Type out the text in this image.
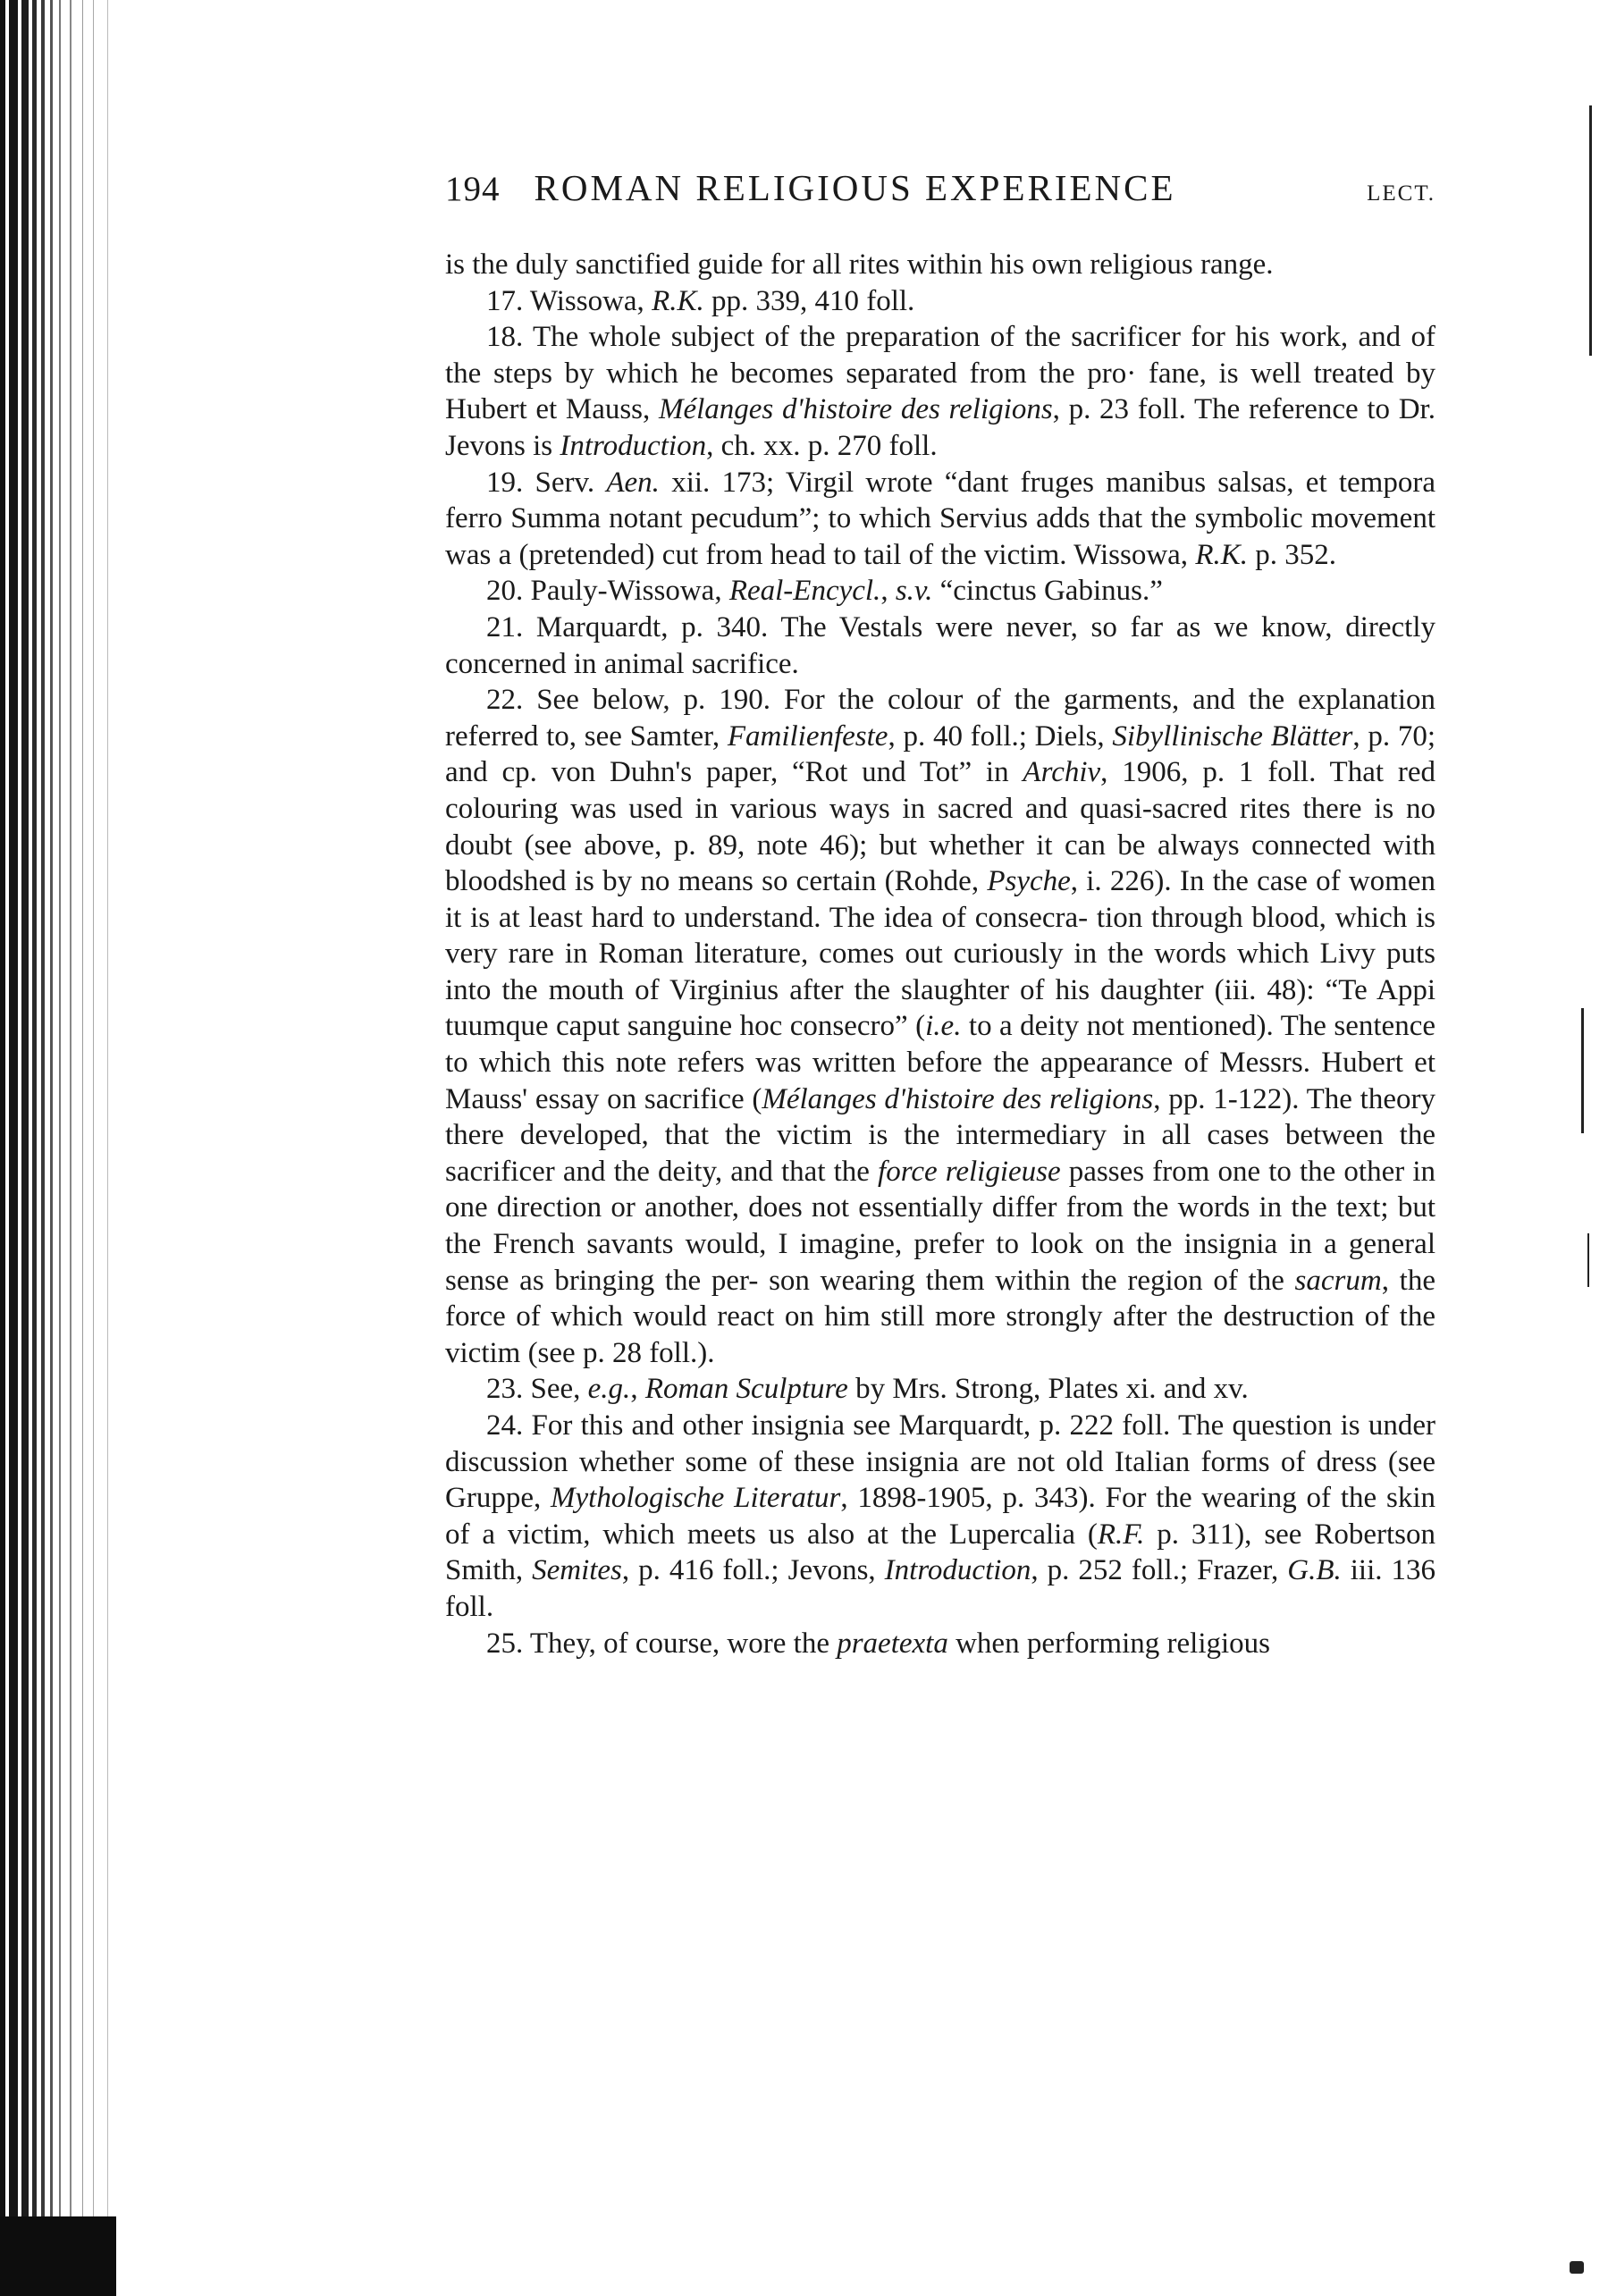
194 ROMAN RELIGIOUS EXPERIENCE	LECT.

is the duly sanctified guide for all rites within his own religious range.

17. Wissowa, R.K. pp. 339, 410 foll.

18. The whole subject of the preparation of the sacrificer for his work, and of the steps by which he becomes separated from the pro· fane, is well treated by Hubert et Mauss, Mélanges d'histoire des religions, p. 23 foll. The reference to Dr. Jevons is Introduction, ch. xx. p. 270 foll.

19. Serv. Aen. xii. 173; Virgil wrote “dant fruges manibus salsas, et tempora ferro Summa notant pecudum”; to which Servius adds that the symbolic movement was a (pretended) cut from head to tail of the victim. Wissowa, R.K. p. 352.

20. Pauly-Wissowa, Real-Encycl., s.v. “cinctus Gabinus.”

21. Marquardt, p. 340. The Vestals were never, so far as we know, directly concerned in animal sacrifice.

22. See below, p. 190. For the colour of the garments, and the explanation referred to, see Samter, Familienfeste, p. 40 foll.; Diels, Sibyllinische Blätter, p. 70; and cp. von Duhn's paper, “Rot und Tot” in Archiv, 1906, p. 1 foll. That red colouring was used in various ways in sacred and quasi-sacred rites there is no doubt (see above, p. 89, note 46); but whether it can be always connected with bloodshed is by no means so certain (Rohde, Psyche, i. 226). In the case of women it is at least hard to understand. The idea of consecra- tion through blood, which is very rare in Roman literature, comes out curiously in the words which Livy puts into the mouth of Virginius after the slaughter of his daughter (iii. 48): “Te Appi tuumque caput sanguine hoc consecro” (i.e. to a deity not mentioned). The sentence to which this note refers was written before the appearance of Messrs. Hubert et Mauss' essay on sacrifice (Mélanges d'histoire des religions, pp. 1-122). The theory there developed, that the victim is the intermediary in all cases between the sacrificer and the deity, and that the force religieuse passes from one to the other in one direction or another, does not essentially differ from the words in the text; but the French savants would, I imagine, prefer to look on the insignia in a general sense as bringing the per- son wearing them within the region of the sacrum, the force of which would react on him still more strongly after the destruction of the victim (see p. 28 foll.).

23. See, e.g., Roman Sculpture by Mrs. Strong, Plates xi. and xv.

24. For this and other insignia see Marquardt, p. 222 foll. The question is under discussion whether some of these insignia are not old Italian forms of dress (see Gruppe, Mythologische Literatur, 1898-1905, p. 343). For the wearing of the skin of a victim, which meets us also at the Lupercalia (R.F. p. 311), see Robertson Smith, Semites, p. 416 foll.; Jevons, Introduction, p. 252 foll.; Frazer, G.B. iii. 136 foll.

25. They, of course, wore the praetexta when performing religious
